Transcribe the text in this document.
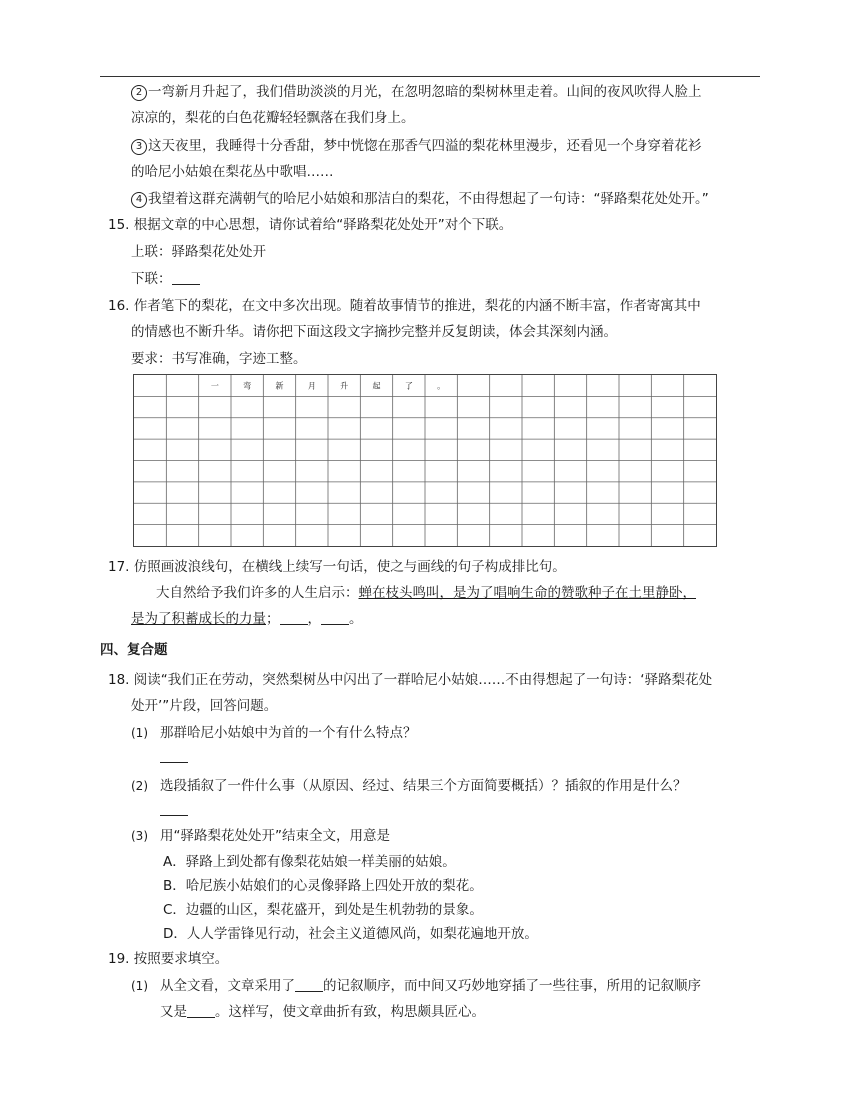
2 一弯新月升起了，我们借助淡淡的月光，在忽明忽暗的梨树林里走着。山间的夜风吹得人脸上
凉凉的，梨花的白色花瓣轻轻飘落在我们身上。
3 这天夜里，我睡得十分香甜，梦中恍惚在那香气四溢的梨花林里漫步，还看见一个身穿着花衫
的哈尼小姑娘在梨花丛中歌唱……
4 我望着这群充满朝气的哈尼小姑娘和那洁白的梨花，不由得想起了一句诗：“驿路梨花处处开。”
15. 根据文章的中心思想，请你试着给“驿路梨花处处开”对个下联。
上联：驿路梨花处处开
下联：
16. 作者笔下的梨花，在文中多次出现。随着故事情节的推进，梨花的内涵不断丰富，作者寄寓其中
的情感也不断升华。请你把下面这段文字摘抄完整并反复朗读，体会其深刻内涵。
要求：书写准确，字迹工整。
一	弯	新	月	升	起	了	。
17. 仿照画波浪线句，在横线上续写一句话，使之与画线的句子构成排比句。
大自然给予我们许多的人生启示：蝉在枝头鸣叫，是为了唱响生命的赞歌种子在土里静卧，
是为了积蓄成长的力量； ， 。
四、复合题
18. 阅读“我们正在劳动，突然梨树丛中闪出了一群哈尼小姑娘……不由得想起了一句诗：‘驿路梨花处
处开’”片段，回答问题。
(1) 那群哈尼小姑娘中为首的一个有什么特点？
(2) 选段插叙了一件什么事（从原因、经过、结果三个方面简要概括）？插叙的作用是什么？
(3) 用“驿路梨花处处开”结束全文，用意是
A．驿路上到处都有像梨花姑娘一样美丽的姑娘。
B．哈尼族小姑娘们的心灵像驿路上四处开放的梨花。
C．边疆的山区，梨花盛开，到处是生机勃勃的景象。
D．人人学雷锋见行动，社会主义道德风尚，如梨花遍地开放。
19. 按照要求填空。
(1) 从全文看，文章采用了 的记叙顺序，而中间又巧妙地穿插了一些往事，所用的记叙顺序
又是 。这样写，使文章曲折有致，构思颇具匠心。
